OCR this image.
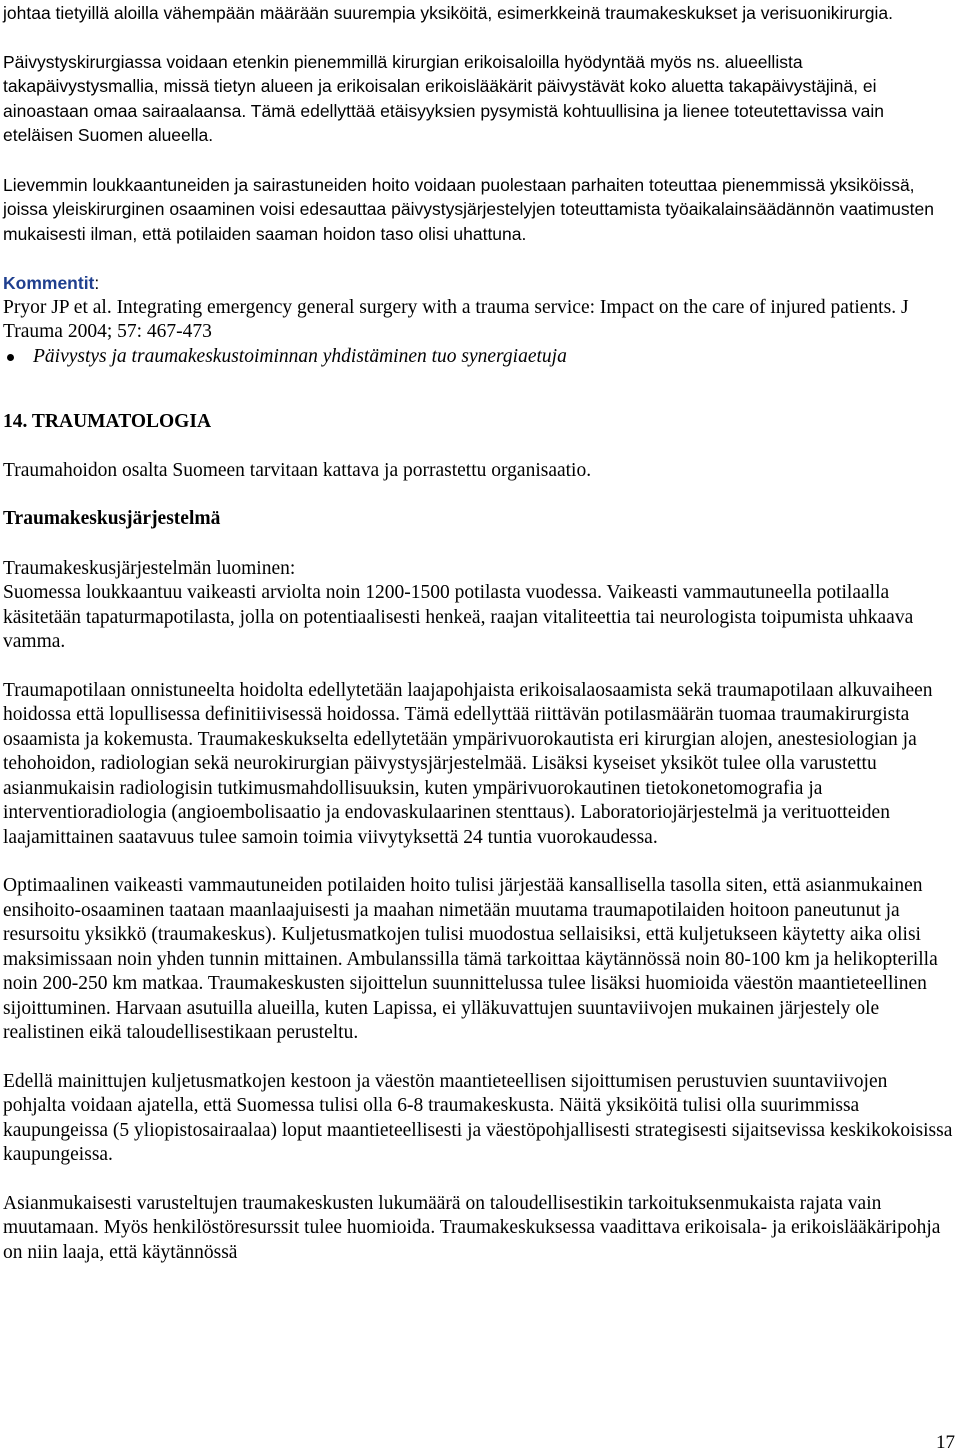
johtaa tietyillä aloilla vähempään määrään suurempia yksiköitä, esimerkkeinä traumakeskukset ja verisuonikirurgia.

Päivystyskirurgiassa voidaan etenkin pienemmillä kirurgian erikoisaloilla hyödyntää myös ns. alueellista takapäivystysmallia, missä tietyn alueen ja erikoisalan erikoislääkärit päivystävät koko aluetta takapäivystäjinä, ei ainoastaan omaa sairaalaansa. Tämä edellyttää etäisyyksien pysymistä kohtuullisina ja lienee toteutettavissa vain eteläisen Suomen alueella.

Lievemmin loukkaantuneiden ja sairastuneiden hoito voidaan puolestaan parhaiten toteuttaa pienemmissä yksiköissä, joissa yleiskirurginen osaaminen voisi edesauttaa päivystysjärjestelyjen toteuttamista työaikalainsäädännön vaatimusten mukaisesti ilman, että potilaiden saaman hoidon taso olisi uhattuna.

Kommentit:

Pryor JP et al. Integrating emergency general surgery with a trauma service: Impact on the care of injured patients. J Trauma 2004; 57: 467-473

Päivystys ja traumakeskustoiminnan yhdistäminen tuo synergiaetuja

14. TRAUMATOLOGIA

Traumahoidon osalta Suomeen tarvitaan kattava ja porrastettu organisaatio.

Traumakeskusjärjestelmä

Traumakeskusjärjestelmän luominen:

Suomessa loukkaantuu vaikeasti arviolta noin 1200-1500 potilasta vuodessa. Vaikeasti vammautuneella potilaalla käsitetään tapaturmapotilasta, jolla on potentiaalisesti henkeä, raajan vitaliteettia tai neurologista toipumista uhkaava vamma.

Traumapotilaan onnistuneelta hoidolta edellytetään laajapohjaista erikoisalaosaamista sekä traumapotilaan alkuvaiheen hoidossa että lopullisessa definitiivisessä hoidossa. Tämä edellyttää riittävän potilasmäärän tuomaa traumakirurgista osaamista ja kokemusta. Traumakeskukselta edellytetään ympärivuorokautista eri kirurgian alojen, anestesiologian ja tehohoidon, radiologian sekä neurokirurgian päivystysjärjestelmää. Lisäksi kyseiset yksiköt tulee olla varustettu asianmukaisin radiologisin tutkimusmahdollisuuksin, kuten ympärivuorokautinen tietokonetomografia ja interventioradiologia (angioembolisaatio ja endovaskulaarinen stenttaus). Laboratoriojärjestelmä ja verituotteiden laajamittainen saatavuus tulee samoin toimia viivytyksettä 24 tuntia vuorokaudessa.

Optimaalinen vaikeasti vammautuneiden potilaiden hoito tulisi järjestää kansallisella tasolla siten, että asianmukainen ensihoito-osaaminen taataan maanlaajuisesti ja maahan nimetään muutama traumapotilaiden hoitoon paneutunut ja resursoitu yksikkö (traumakeskus). Kuljetusmatkojen tulisi muodostua sellaisiksi, että kuljetukseen käytetty aika olisi maksimissaan noin yhden tunnin mittainen. Ambulanssilla tämä tarkoittaa käytännössä noin 80-100 km ja helikopterilla noin 200-250 km matkaa. Traumakeskusten sijoittelun suunnittelussa tulee lisäksi huomioida väestön maantieteellinen sijoittuminen. Harvaan asutuilla alueilla, kuten Lapissa, ei ylläkuvattujen suuntaviivojen mukainen järjestely ole realistinen eikä taloudellisestikaan perusteltu.

Edellä mainittujen kuljetusmatkojen kestoon ja väestön maantieteellisen sijoittumisen perustuvien suuntaviivojen pohjalta voidaan ajatella, että Suomessa tulisi olla 6-8 traumakeskusta. Näitä yksiköitä tulisi olla suurimmissa kaupungeissa (5 yliopistosairaalaa) loput maantieteellisesti ja väestöpohjallisesti strategisesti sijaitsevissa keskikokoisissa kaupungeissa.

Asianmukaisesti varusteltujen traumakeskusten lukumäärä on taloudellisestikin tarkoituksenmukaista rajata vain muutamaan. Myös henkilöstöresurssit tulee huomioida. Traumakeskuksessa vaadittava erikoisala- ja erikoislääkäripohja on niin laaja, että käytännössä

17
